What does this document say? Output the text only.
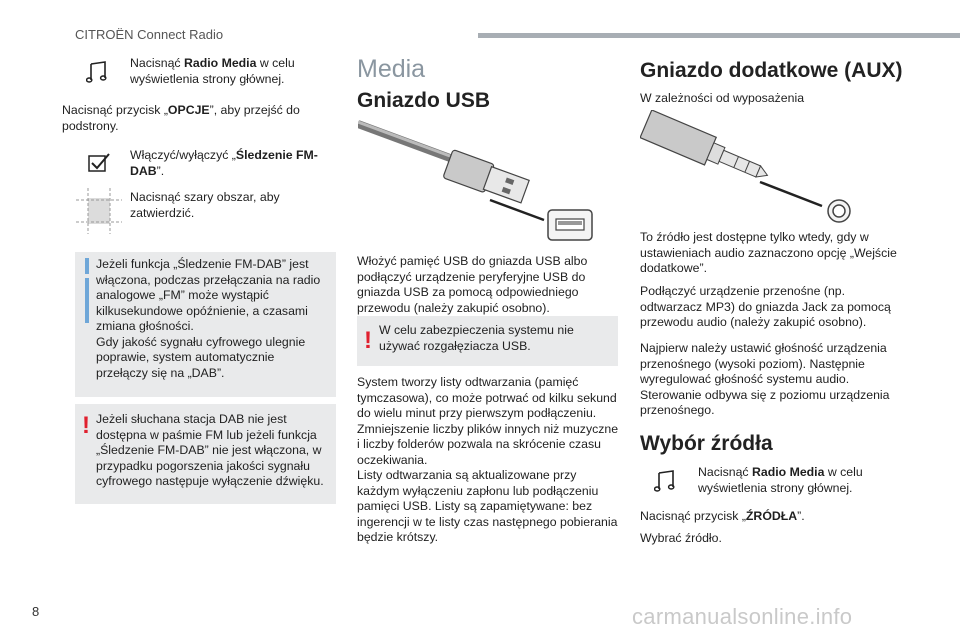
CITROËN Connect Radio

Nacisnąć Radio Media w celu wyświetlenia strony głównej.

Nacisnąć przycisk „OPCJE”, aby przejść do podstrony.

Włączyć/wyłączyć „Śledzenie FM-DAB”.

Nacisnąć szary obszar, aby zatwierdzić.

Jeżeli funkcja „Śledzenie FM-DAB” jest włączona, podczas przełączania na radio analogowe „FM” może wystąpić kilkusekundowe opóźnienie, a czasami zmiana głośności.
Gdy jakość sygnału cyfrowego ulegnie poprawie, system automatycznie przełączy się na „DAB”.

! Jeżeli słuchana stacja DAB nie jest dostępna w paśmie FM lub jeżeli funkcja „Śledzenie FM-DAB” nie jest włączona, w przypadku pogorszenia jakości sygnału cyfrowego następuje wyłączenie dźwięku.

Media
Gniazdo USB

Włożyć pamięć USB do gniazda USB albo podłączyć urządzenie peryferyjne USB do gniazda USB za pomocą odpowiedniego przewodu (należy zakupić osobno).

! W celu zabezpieczenia systemu nie używać rozgałęziacza USB.

System tworzy listy odtwarzania (pamięć tymczasowa), co może potrwać od kilku sekund do wielu minut przy pierwszym podłączeniu.
Zmniejszenie liczby plików innych niż muzyczne i liczby folderów pozwala na skrócenie czasu oczekiwania.
Listy odtwarzania są aktualizowane przy każdym wyłączeniu zapłonu lub podłączeniu pamięci USB. Listy są zapamiętywane: bez ingerencji w te listy czas następnego pobierania będzie krótszy.

Gniazdo dodatkowe (AUX)

W zależności od wyposażenia

To źródło jest dostępne tylko wtedy, gdy w ustawieniach audio zaznaczono opcję „Wejście dodatkowe”.

Podłączyć urządzenie przenośne (np. odtwarzacz MP3) do gniazda Jack za pomocą przewodu audio (należy zakupić osobno).

Najpierw należy ustawić głośność urządzenia przenośnego (wysoki poziom). Następnie wyregulować głośność systemu audio.
Sterowanie odbywa się z poziomu urządzenia przenośnego.

Wybór źródła

Nacisnąć Radio Media w celu wyświetlenia strony głównej.

Nacisnąć przycisk „ŹRÓDŁA”.

Wybrać źródło.

8	carmanualsonline.info
